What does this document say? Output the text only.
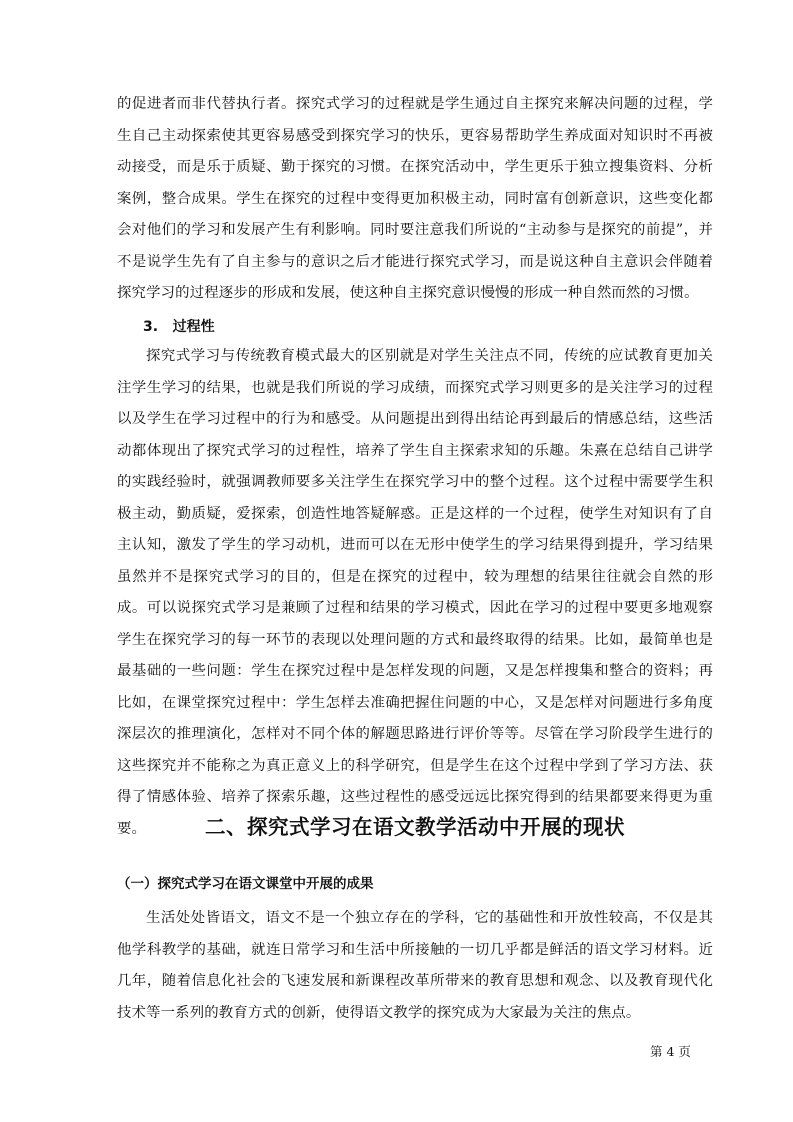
的促进者而非代替执行者。探究式学习的过程就是学生通过自主探究来解决问题的过程，学生自己主动探索使其更容易感受到探究学习的快乐，更容易帮助学生养成面对知识时不再被动接受，而是乐于质疑、勤于探究的习惯。在探究活动中，学生更乐于独立搜集资料、分析案例，整合成果。学生在探究的过程中变得更加积极主动，同时富有创新意识，这些变化都会对他们的学习和发展产生有利影响。同时要注意我们所说的“主动参与是探究的前提”，并不是说学生先有了自主参与的意识之后才能进行探究式学习，而是说这种自主意识会伴随着探究学习的过程逐步的形成和发展，使这种自主探究意识慢慢的形成一种自然而然的习惯。

3.   过程性

探究式学习与传统教育模式最大的区别就是对学生关注点不同，传统的应试教育更加关注学生学习的结果，也就是我们所说的学习成绩，而探究式学习则更多的是关注学习的过程以及学生在学习过程中的行为和感受。从问题提出到得出结论再到最后的情感总结，这些活动都体现出了探究式学习的过程性，培养了学生自主探索求知的乐趣。朱熹在总结自己讲学的实践经验时，就强调教师要多关注学生在探究学习中的整个过程。这个过程中需要学生积极主动，勤质疑，爱探索，创造性地答疑解惑。正是这样的一个过程，使学生对知识有了自主认知，激发了学生的学习动机，进而可以在无形中使学生的学习结果得到提升，学习结果虽然并不是探究式学习的目的，但是在探究的过程中，较为理想的结果往往就会自然的形成。可以说探究式学习是兼顾了过程和结果的学习模式，因此在学习的过程中要更多地观察学生在探究学习的每一环节的表现以处理问题的方式和最终取得的结果。比如，最简单也是最基础的一些问题：学生在探究过程中是怎样发现的问题，又是怎样搜集和整合的资料；再比如，在课堂探究过程中：学生怎样去准确把握住问题的中心，又是怎样对问题进行多角度深层次的推理演化，怎样对不同个体的解题思路进行评价等等。尽管在学习阶段学生进行的这些探究并不能称之为真正意义上的科学研究，但是学生在这个过程中学到了学习方法、获得了情感体验、培养了探索乐趣，这些过程性的感受远远比探究得到的结果都要来得更为重要。	二、探究式学习在语文教学活动中开展的现状
（一）探究式学习在语文课堂中开展的成果

生活处处皆语文，语文不是一个独立存在的学科，它的基础性和开放性较高，不仅是其他学科教学的基础，就连日常学习和生活中所接触的一切几乎都是鲜活的语文学习材料。近几年，随着信息化社会的飞速发展和新课程改革所带来的教育思想和观念、以及教育现代化技术等一系列的教育方式的创新，使得语文教学的探究成为大家最为关注的焦点。

第 4 页
